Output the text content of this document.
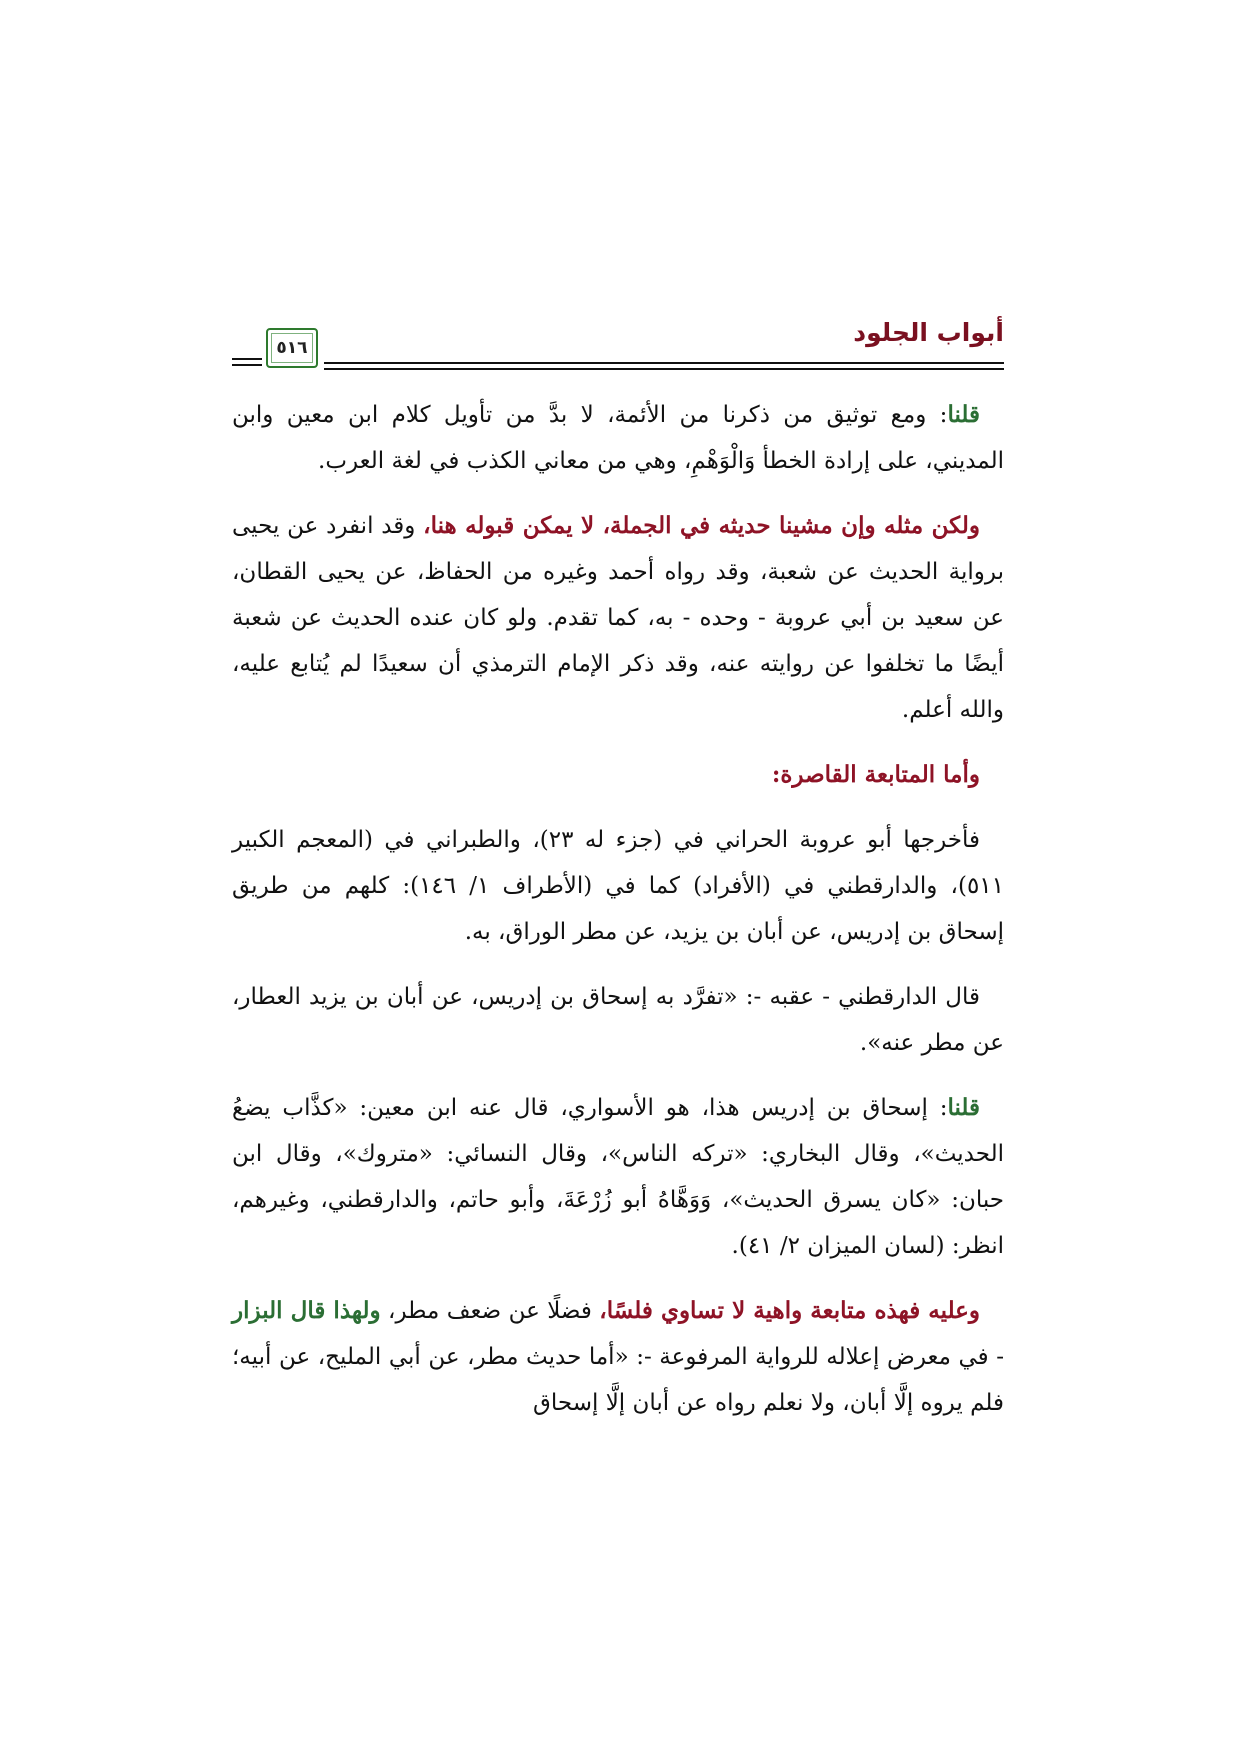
أبواب الجلود
٥١٦

قلنا: ومع توثيق من ذكرنا من الأئمة، لا بدَّ من تأويل كلام ابن معين وابن المديني، على إرادة الخطأ وَالْوَهْمِ، وهي من معاني الكذب في لغة العرب.

ولكن مثله وإن مشينا حديثه في الجملة، لا يمكن قبوله هنا، وقد انفرد عن يحيى برواية الحديث عن شعبة، وقد رواه أحمد وغيره من الحفاظ، عن يحيى القطان، عن سعيد بن أبي عروبة - وحده - به، كما تقدم. ولو كان عنده الحديث عن شعبة أيضًا ما تخلفوا عن روايته عنه، وقد ذكر الإمام الترمذي أن سعيدًا لم يُتابع عليه، والله أعلم.

وأما المتابعة القاصرة:

فأخرجها أبو عروبة الحراني في (جزء له ٢٣)، والطبراني في (المعجم الكبير ٥١١)، والدارقطني في (الأفراد) كما في (الأطراف ١/ ١٤٦): كلهم من طريق إسحاق بن إدريس، عن أبان بن يزيد، عن مطر الوراق، به.

قال الدارقطني - عقبه -: «تفرَّد به إسحاق بن إدريس، عن أبان بن يزيد العطار، عن مطر عنه».

قلنا: إسحاق بن إدريس هذا، هو الأسواري، قال عنه ابن معين: «كذَّاب يضعُ الحديث»، وقال البخاري: «تركه الناس»، وقال النسائي: «متروك»، وقال ابن حبان: «كان يسرق الحديث»، وَوَهَّاهُ أبو زُرْعَةَ، وأبو حاتم، والدارقطني، وغيرهم، انظر: (لسان الميزان ٢/ ٤١).

وعليه فهذه متابعة واهية لا تساوي فلسًا، فضلًا عن ضعف مطر، ولهذا قال البزار - في معرض إعلاله للرواية المرفوعة -: «أما حديث مطر، عن أبي المليح، عن أبيه؛ فلم يروه إلَّا أبان، ولا نعلم رواه عن أبان إلَّا إسحاق
